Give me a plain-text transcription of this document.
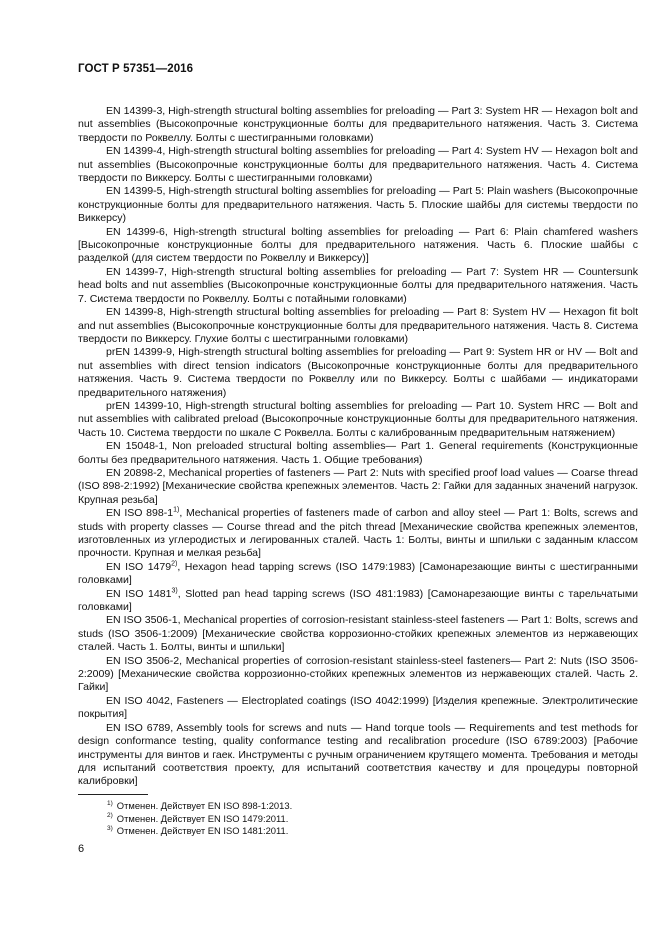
ГОСТ Р 57351—2016

EN 14399-3, High-strength structural bolting assemblies for preloading — Part 3: System HR — Hexagon bolt and nut assemblies (Высокопрочные конструкционные болты для предварительного натяжения. Часть 3. Система твердости по Роквеллу. Болты с шестигранными головками)

EN 14399-4, High-strength structural bolting assemblies for preloading — Part 4: System HV — Hexagon bolt and nut assemblies (Высокопрочные конструкционные болты для предварительного натяжения. Часть 4. Система твердости по Виккерсу. Болты с шестигранными головками)

EN 14399-5, High-strength structural bolting assemblies for preloading — Part 5: Plain washers (Высокопрочные конструкционные болты для предварительного натяжения. Часть 5. Плоские шайбы для системы твердости по Виккерсу)

EN 14399-6, High-strength structural bolting assemblies for preloading — Part 6: Plain chamfered washers [Высокопрочные конструкционные болты для предварительного натяжения. Часть 6. Плоские шайбы с разделкой (для систем твердости по Роквеллу и Виккерсу)]

EN 14399-7, High-strength structural bolting assemblies for preloading — Part 7: System HR — Countersunk head bolts and nut assemblies (Высокопрочные конструкционные болты для предварительного натяжения. Часть 7. Система твердости по Роквеллу. Болты с потайными головками)

EN 14399-8, High-strength structural bolting assemblies for preloading — Part 8: System HV — Hexagon fit bolt and nut assemblies (Высокопрочные конструкционные болты для предварительного натяжения. Часть 8. Система твердости по Виккерсу. Глухие болты с шестигранными головками)

prEN 14399-9, High-strength structural bolting assemblies for preloading — Part 9: System HR or HV — Bolt and nut assemblies with direct tension indicators (Высокопрочные конструкционные болты для предварительного натяжения. Часть 9. Система твердости по Роквеллу или по Виккерсу. Болты с шайбами — индикаторами предварительного натяжения)

prEN 14399-10, High-strength structural bolting assemblies for preloading — Part 10. System HRC — Bolt and nut assemblies with calibrated preload (Высокопрочные конструкционные болты для предварительного натяжения. Часть 10. Система твердости по шкале С Роквелла. Болты с калиброванным предварительным натяжением)

EN 15048-1, Non preloaded structural bolting assemblies— Part 1. General requirements (Конструкционные болты без предварительного натяжения. Часть 1. Общие требования)

EN 20898-2, Mechanical properties of fasteners — Part 2: Nuts with specified proof load values — Coarse thread (ISO 898-2:1992) [Механические свойства крепежных элементов. Часть 2: Гайки для заданных значений нагрузок. Крупная резьба]

EN ISO 898-1$^{1)}$, Mechanical properties of fasteners made of carbon and alloy steel — Part 1: Bolts, screws and studs with property classes — Course thread and the pitch thread [Механические свойства крепежных элементов, изготовленных из углеродистых и легированных сталей. Часть 1: Болты, винты и шпильки с заданным классом прочности. Крупная и мелкая резьба]

EN ISO 1479$^{2)}$, Hexagon head tapping screws (ISO 1479:1983) [Самонарезающие винты с шестигранными головками]

EN ISO 1481$^{3)}$, Slotted pan head tapping screws (ISO 481:1983) [Самонарезающие винты с тарельчатыми головками]

EN ISO 3506-1, Mechanical properties of corrosion-resistant stainless-steel fasteners — Part 1: Bolts, screws and studs (ISO 3506-1:2009) [Механические свойства коррозионно-стойких крепежных элементов из нержавеющих сталей. Часть 1. Болты, винты и шпильки]

EN ISO 3506-2, Mechanical properties of corrosion-resistant stainless-steel fasteners— Part 2: Nuts (ISO 3506-2:2009) [Механические свойства коррозионно-стойких крепежных элементов из нержавеющих сталей. Часть 2. Гайки]

EN ISO 4042, Fasteners — Electroplated coatings (ISO 4042:1999) [Изделия крепежные. Электролитические покрытия]

EN ISO 6789, Assembly tools for screws and nuts — Hand torque tools — Requirements and test methods for design conformance testing, quality conformance testing and recalibration procedure (ISO 6789:2003) [Рабочие инструменты для винтов и гаек. Инструменты с ручным ограничением крутящего момента. Требования и методы для испытаний соответствия проекту, для испытаний соответствия качеству и для процедуры повторной калибровки]

$^{1)}$ Отменен. Действует EN ISO 898-1:2013.
$^{2)}$ Отменен. Действует EN ISO 1479:2011.
$^{3)}$ Отменен. Действует EN ISO 1481:2011.
6
